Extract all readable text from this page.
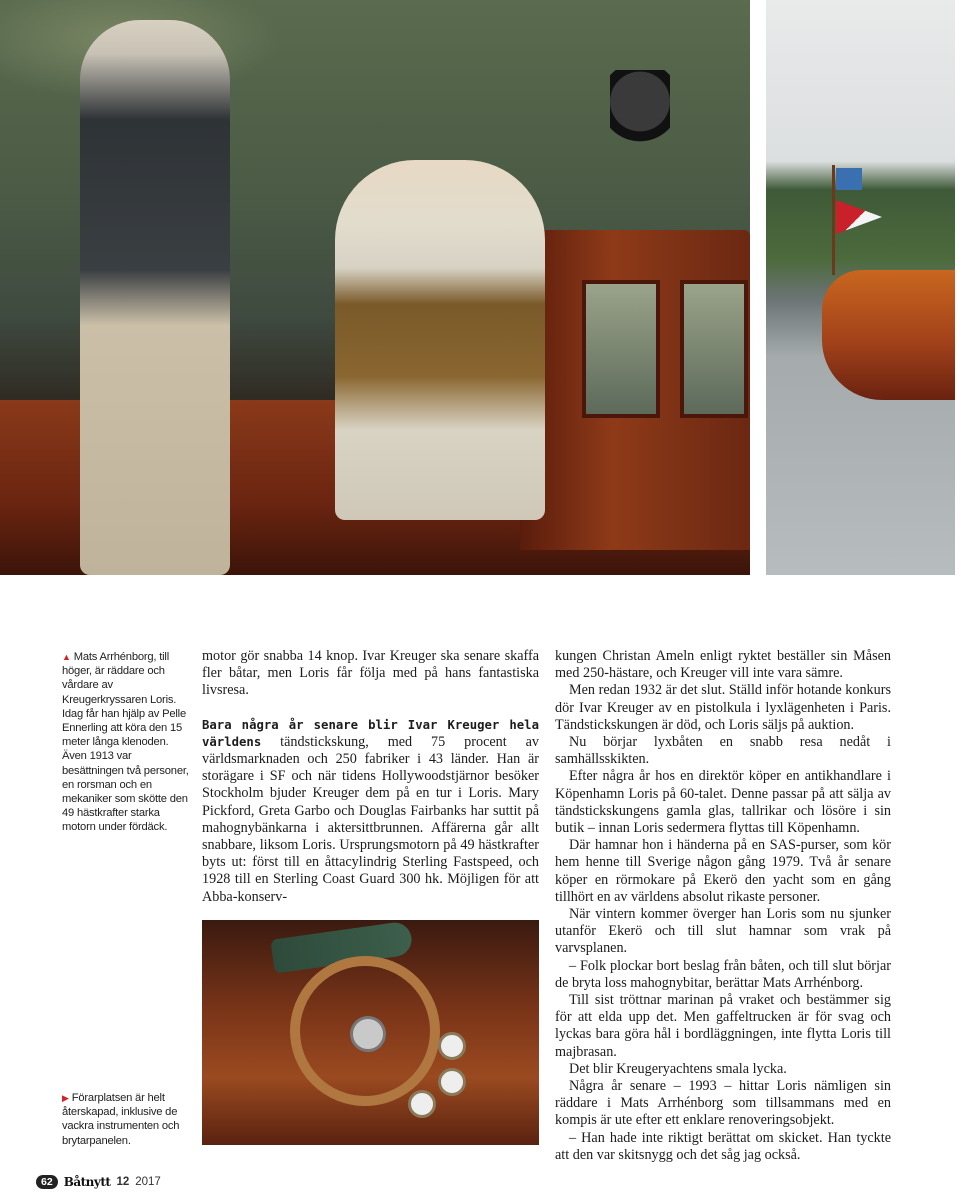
▲ Mats Arrhénborg, till höger, är räddare och vårdare av Kreugerkryssaren Loris. Idag får han hjälp av Pelle Ennerling att köra den 15 meter långa klenoden. Även 1913 var besättningen två personer, en rorsman och en mekaniker som skötte den 49 hästkrafter starka motorn under fördäck.
▶ Förarplatsen är helt återskapad, inklusive de vackra instrumenten och brytarpanelen.

motor gör snabba 14 knop. Ivar Kreuger ska senare skaffa fler båtar, men Loris får följa med på hans fantastiska livsresa.

Bara några år senare blir Ivar Kreuger hela världens tändstickskung, med 75 procent av världsmarknaden och 250 fabriker i 43 länder. Han är storägare i SF och när tidens Hollywoodstjärnor besöker Stockholm bjuder Kreuger dem på en tur i Loris. Mary Pickford, Greta Garbo och Douglas Fairbanks har suttit på mahognybänkarna i aktersittbrunnen. Affärerna går allt snabbare, liksom Loris. Ursprungsmotorn på 49 hästkrafter byts ut: först till en åttacylindrig Sterling Fastspeed, och 1928 till en Sterling Coast Guard 300 hk. Möjligen för att Abba-konserv-

kungen Christan Ameln enligt ryktet beställer sin Måsen med 250-hästare, och Kreuger vill inte vara sämre.

Men redan 1932 är det slut. Ställd inför hotande konkurs dör Ivar Kreuger av en pistolkula i lyxlägenheten i Paris. Tändstickskungen är död, och Loris säljs på auktion.

Nu börjar lyxbåten en snabb resa nedåt i samhällsskikten.

Efter några år hos en direktör köper en antikhandlare i Köpenhamn Loris på 60-talet. Denne passar på att sälja av tändstickskungens gamla glas, tallrikar och lösöre i sin butik – innan Loris sedermera flyttas till Köpenhamn.

Där hamnar hon i händerna på en SAS-purser, som kör hem henne till Sverige någon gång 1979. Två år senare köper en rörmokare på Ekerö den yacht som en gång tillhört en av världens absolut rikaste personer.

När vintern kommer överger han Loris som nu sjunker utanför Ekerö och till slut hamnar som vrak på varvsplanen.

– Folk plockar bort beslag från båten, och till slut börjar de bryta loss mahognybitar, berättar Mats Arrhénborg.

Till sist tröttnar marinan på vraket och bestämmer sig för att elda upp det. Men gaffeltrucken är för svag och lyckas bara göra hål i bordläggningen, inte flytta Loris till majbrasan.

Det blir Kreugeryachtens smala lycka.

Några år senare – 1993 – hittar Loris nämligen sin räddare i Mats Arrhénborg som tillsammans med en kompis är ute efter ett enklare renoveringsobjekt.

– Han hade inte riktigt berättat om skicket. Han tyckte att den var skitsnygg och det såg jag också.

62 Båtnytt 12 2017
